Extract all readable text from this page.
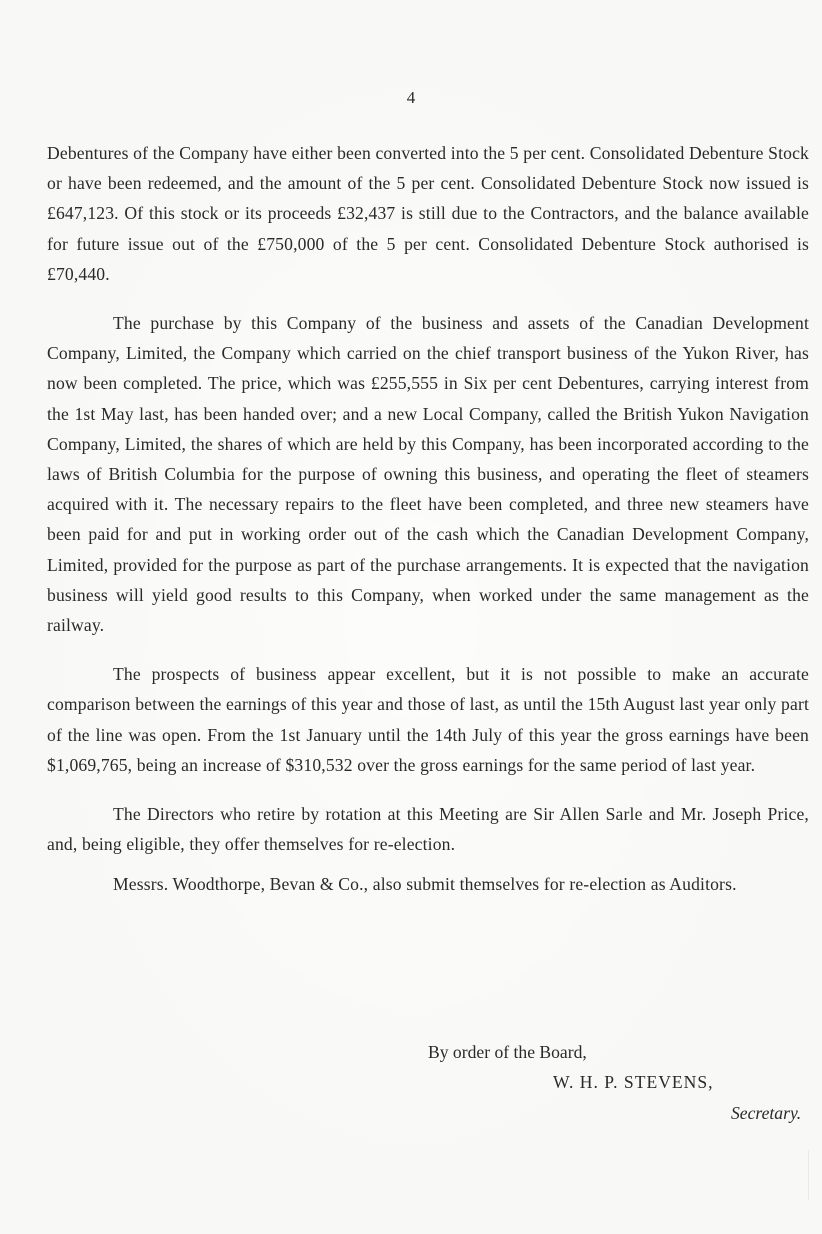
4

Debentures of the Company have either been converted into the 5 per cent. Consolidated Debenture Stock or have been redeemed, and the amount of the 5 per cent. Consolidated Debenture Stock now issued is £647,123. Of this stock or its proceeds £32,437 is still due to the Contractors, and the balance available for future issue out of the £750,000 of the 5 per cent. Consolidated Debenture Stock authorised is £70,440.

The purchase by this Company of the business and assets of the Canadian Development Company, Limited, the Company which carried on the chief transport business of the Yukon River, has now been completed. The price, which was £255,555 in Six per cent Debentures, carrying interest from the 1st May last, has been handed over; and a new Local Company, called the British Yukon Navigation Company, Limited, the shares of which are held by this Company, has been incorporated according to the laws of British Columbia for the purpose of owning this business, and operating the fleet of steamers acquired with it. The necessary repairs to the fleet have been completed, and three new steamers have been paid for and put in working order out of the cash which the Canadian Development Company, Limited, provided for the purpose as part of the purchase arrangements. It is expected that the navigation business will yield good results to this Company, when worked under the same management as the railway.

The prospects of business appear excellent, but it is not possible to make an accurate comparison between the earnings of this year and those of last, as until the 15th August last year only part of the line was open. From the 1st January until the 14th July of this year the gross earnings have been $1,069,765, being an increase of $310,532 over the gross earnings for the same period of last year.

The Directors who retire by rotation at this Meeting are Sir Allen Sarle and Mr. Joseph Price, and, being eligible, they offer themselves for re-election.

Messrs. Woodthorpe, Bevan & Co., also submit themselves for re-election as Auditors.

By order of the Board,
W. H. P. STEVENS,
Secretary.
